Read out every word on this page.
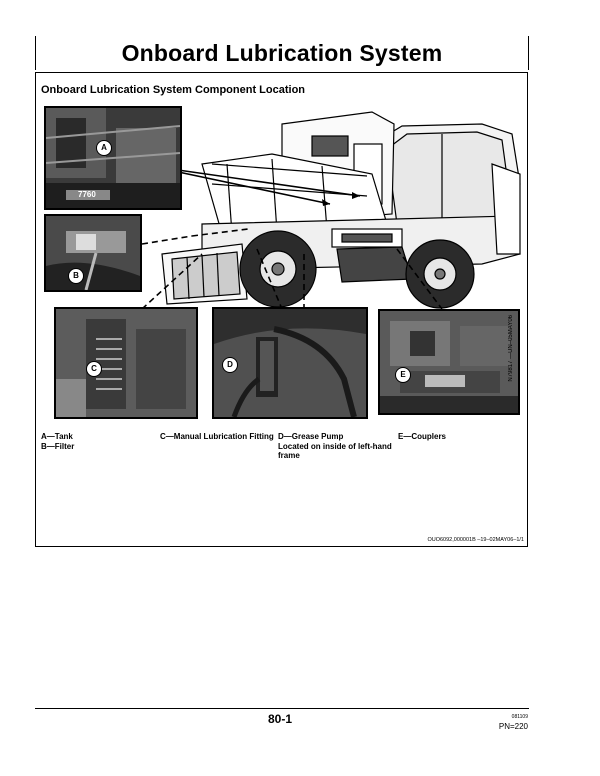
Onboard Lubrication System
Onboard Lubrication System Component Location
7760
A
B
C	D
E	N79817 —UN–05MAY06
A—Tank
B—Filter
C—Manual Lubrication Fitting D—Grease Pump
Located on inside of left-hand
frame
E—Couplers
OUO6092,000001B –19–02MAY06–1/1
80-1	081109
PN=220
